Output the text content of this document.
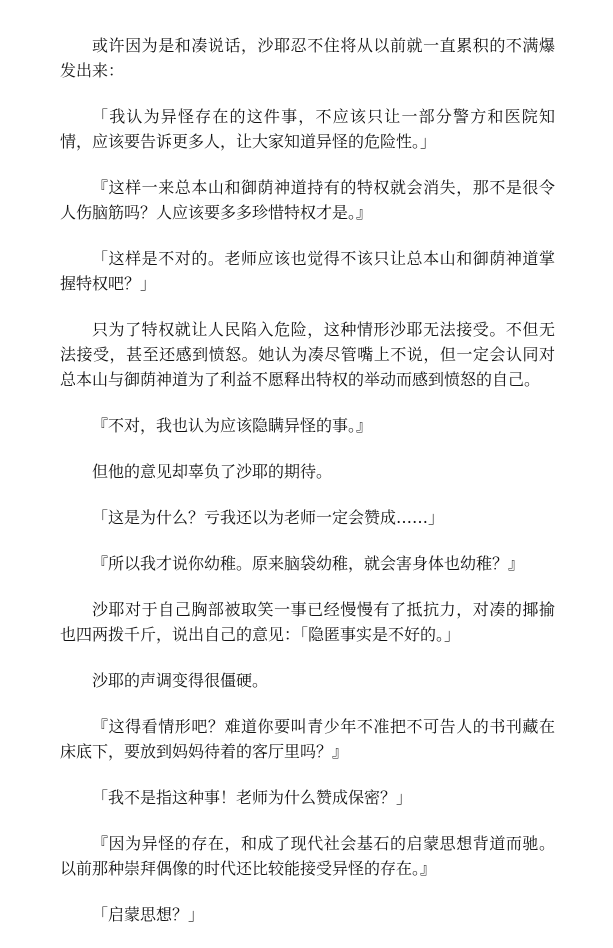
或许因为是和凑说话，沙耶忍不住将从以前就一直累积的不满爆发出来：

「我认为异怪存在的这件事，不应该只让一部分警方和医院知情，应该要告诉更多人，让大家知道异怪的危险性。」

『这样一来总本山和御荫神道持有的特权就会消失，那不是很令人伤脑筋吗？人应该要多多珍惜特权才是。』

「这样是不对的。老师应该也觉得不该只让总本山和御荫神道掌握特权吧？」

只为了特权就让人民陷入危险，这种情形沙耶无法接受。不但无法接受，甚至还感到愤怒。她认为凑尽管嘴上不说，但一定会认同对总本山与御荫神道为了利益不愿释出特权的举动而感到愤怒的自己。

『不对，我也认为应该隐瞒异怪的事。』

但他的意见却辜负了沙耶的期待。

「这是为什么？亏我还以为老师一定会赞成……」

『所以我才说你幼稚。原来脑袋幼稚，就会害身体也幼稚？』

沙耶对于自己胸部被取笑一事已经慢慢有了抵抗力，对凑的揶揄也四两拨千斤，说出自己的意见：「隐匿事实是不好的。」

沙耶的声调变得很僵硬。

『这得看情形吧？难道你要叫青少年不准把不可告人的书刊藏在床底下，要放到妈妈待着的客厅里吗？』

「我不是指这种事！老师为什么赞成保密？」

『因为异怪的存在，和成了现代社会基石的启蒙思想背道而驰。以前那种崇拜偶像的时代还比较能接受异怪的存在。』

「启蒙思想？」
